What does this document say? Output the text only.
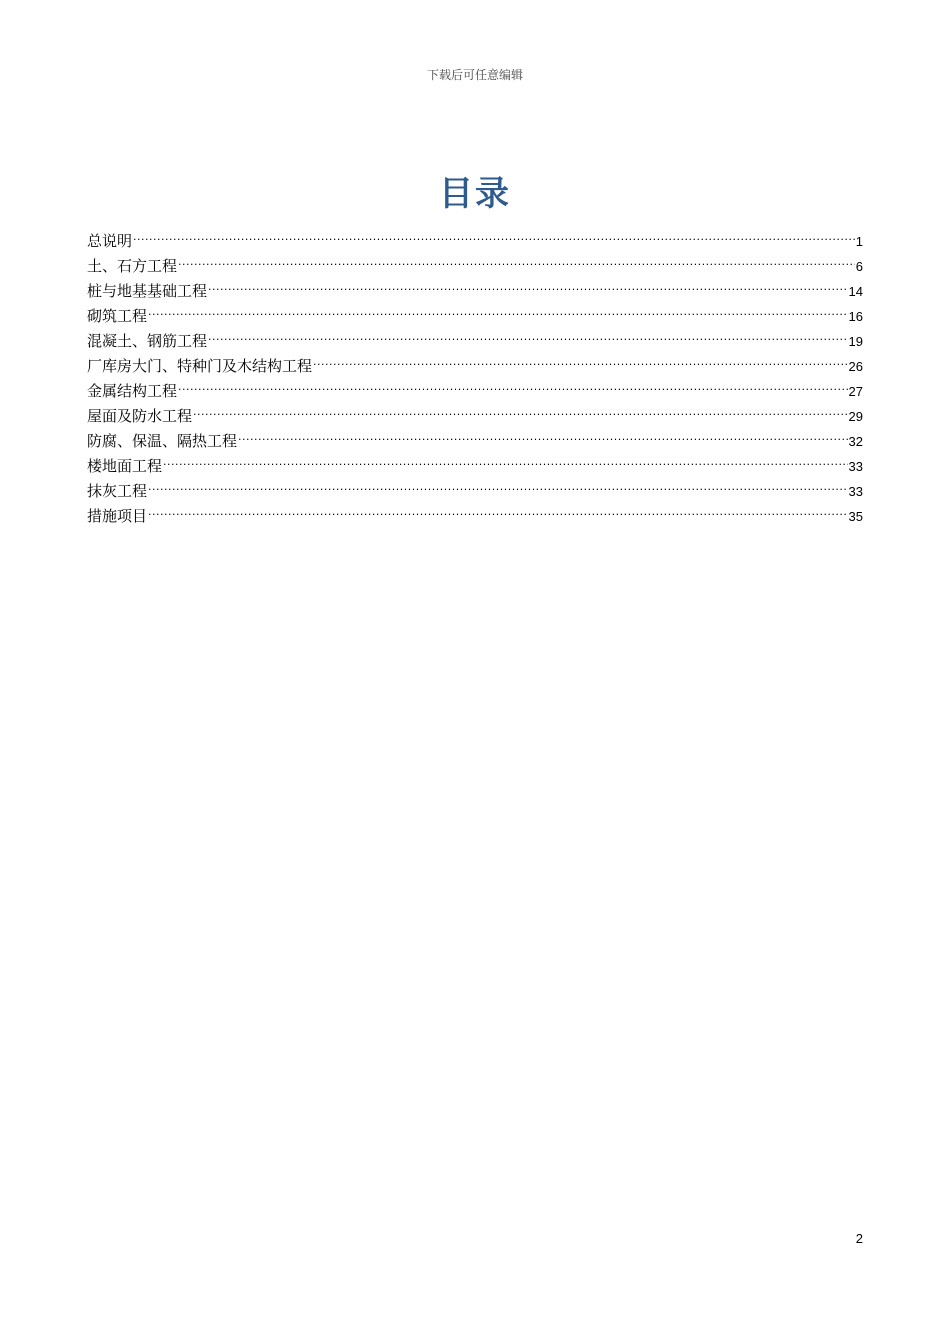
下载后可任意编辑
目录
总说明 .....	1
土、石方工程 .....	6
桩与地基基础工程 .....	14
砌筑工程 .....	16
混凝土、钢筋工程 .....	19
厂库房大门、特种门及木结构工程 .....	26
金属结构工程 .....	27
屋面及防水工程 .....	29
防腐、保温、隔热工程 .....	32
楼地面工程 .....	33
抹灰工程 .....	33
措施项目 .....	35
2
